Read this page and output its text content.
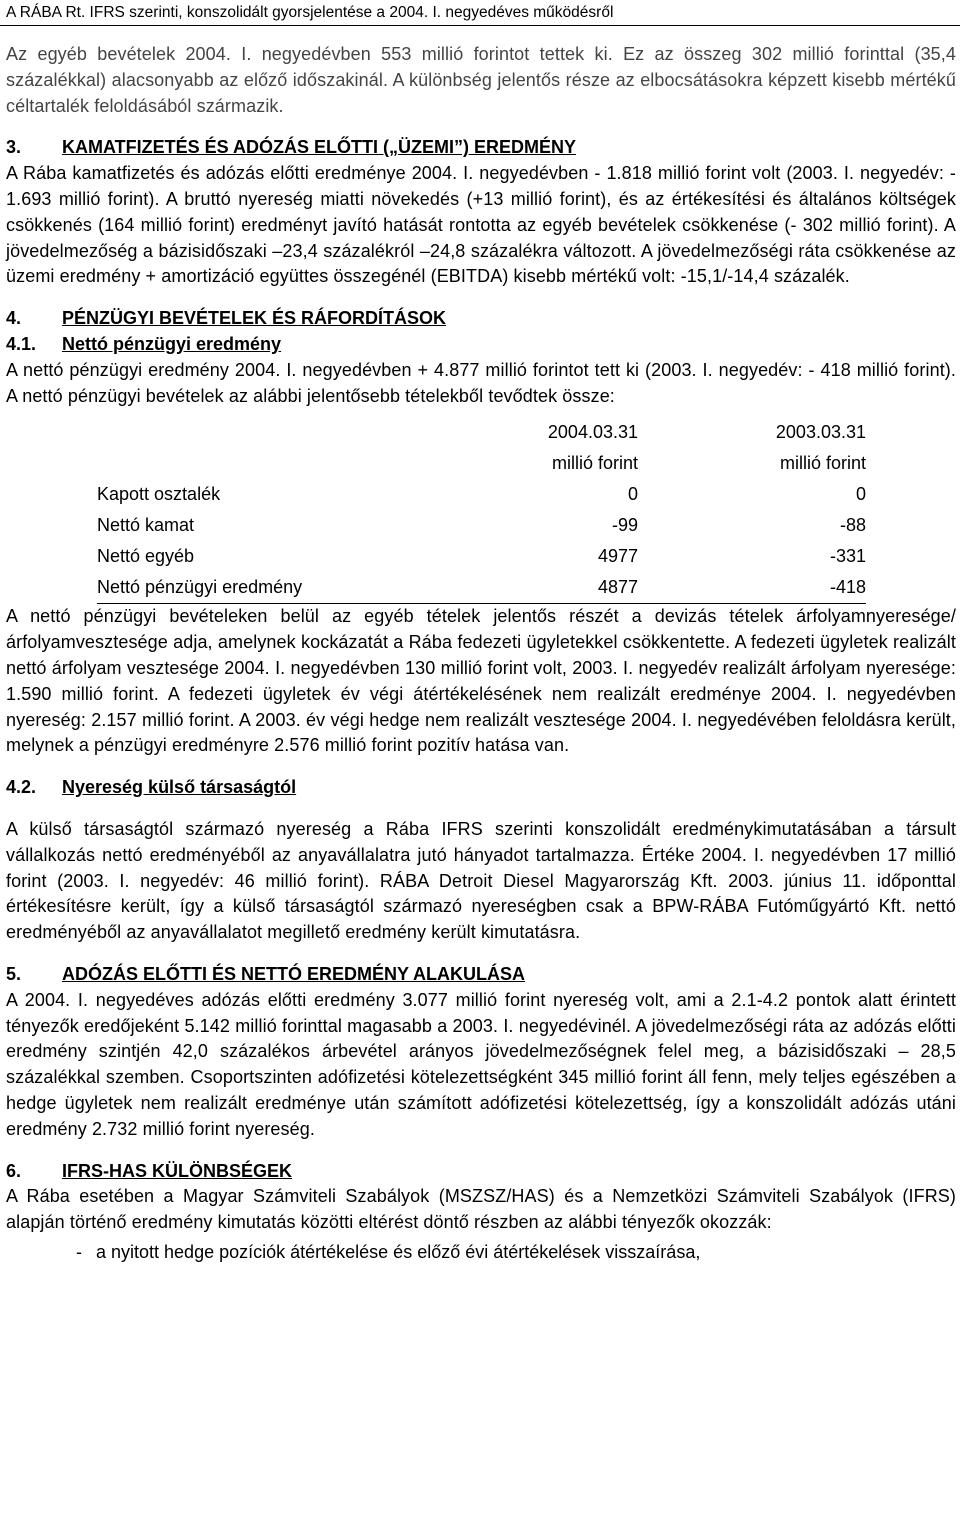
A RÁBA Rt. IFRS szerinti, konszolidált gyorsjelentése a 2004. I. negyedéves működésről

Az egyéb bevételek 2004. I. negyedévben 553 millió forintot tettek ki. Ez az összeg 302 millió forinttal (35,4 százalékkal) alacsonyabb az előző időszakinál. A különbség jelentős része az elbocsátásokra képzett kisebb mértékű céltartalék feloldásából származik.

3. KAMATFIZETÉS ÉS ADÓZÁS ELŐTTI („ÜZEMI”) EREDMÉNY

A Rába kamatfizetés és adózás előtti eredménye 2004. I. negyedévben - 1.818 millió forint volt (2003. I. negyedév: - 1.693 millió forint). A bruttó nyereség miatti növekedés (+13 millió forint), és az értékesítési és általános költségek csökkenés (164 millió forint) eredményt javító hatását rontotta az egyéb bevételek csökkenése (- 302 millió forint). A jövedelmezőség a bázisidőszaki –23,4 százalékról –24,8 százalékra változott. A jövedelmezőségi ráta csökkenése az üzemi eredmény + amortizáció együttes összegénél (EBITDA) kisebb mértékű volt: -15,1/-14,4 százalék.

4. PÉNZÜGYI BEVÉTELEK ÉS RÁFORDÍTÁSOK
4.1. Nettó pénzügyi eredmény

A nettó pénzügyi eredmény 2004. I. negyedévben + 4.877 millió forintot tett ki (2003. I. negyedév: - 418 millió forint). A nettó pénzügyi bevételek az alábbi jelentősebb tételekből tevődtek össze:

	2004.03.31	2003.03.31
	millió forint	millió forint
Kapott osztalék	0	0
Nettó kamat	-99	-88
Nettó egyéb	4977	-331
Nettó pénzügyi eredmény	4877	-418

A nettó pénzügyi bevételeken belül az egyéb tételek jelentős részét a devizás tételek árfolyamnyeresége/árfolyamvesztesége adja, amelynek kockázatát a Rába fedezeti ügyletekkel csökkentette. A fedezeti ügyletek realizált nettó árfolyam vesztesége 2004. I. negyedévben 130 millió forint volt, 2003. I. negyedév realizált árfolyam nyeresége: 1.590 millió forint. A fedezeti ügyletek év végi átértékelésének nem realizált eredménye 2004. I. negyedévben nyereség: 2.157 millió forint. A 2003. év végi hedge nem realizált vesztesége 2004. I. negyedévében feloldásra került, melynek a pénzügyi eredményre 2.576 millió forint pozitív hatása van.

4.2. Nyereség külső társaságtól

A külső társaságtól származó nyereség a Rába IFRS szerinti konszolidált eredménykimutatásában a társult vállalkozás nettó eredményéből az anyavállalatra jutó hányadot tartalmazza. Értéke 2004. I. negyedévben 17 millió forint (2003. I. negyedév: 46 millió forint). RÁBA Detroit Diesel Magyarország Kft. 2003. június 11. időponttal értékesítésre került, így a külső társaságtól származó nyereségben csak a BPW-RÁBA Futóműgyártó Kft. nettó eredményéből az anyavállalatot megillető eredmény került kimutatásra.

5. ADÓZÁS ELŐTTI ÉS NETTÓ EREDMÉNY ALAKULÁSA

A 2004. I. negyedéves adózás előtti eredmény 3.077 millió forint nyereség volt, ami a 2.1-4.2 pontok alatt érintett tényezők eredőjeként 5.142 millió forinttal magasabb a 2003. I. negyedévinél. A jövedelmezőségi ráta az adózás előtti eredmény szintjén 42,0 százalékos árbevétel arányos jövedelmezőségnek felel meg, a bázisidőszaki – 28,5 százalékkal szemben. Csoportszinten adófizetési kötelezettségként 345 millió forint áll fenn, mely teljes egészében a hedge ügyletek nem realizált eredménye után számított adófizetési kötelezettség, így a konszolidált adózás utáni eredmény 2.732 millió forint nyereség.

6. IFRS-HAS KÜLÖNBSÉGEK

A Rába esetében a Magyar Számviteli Szabályok (MSZSZ/HAS) és a Nemzetközi Számviteli Szabályok (IFRS) alapján történő eredmény kimutatás közötti eltérést döntő részben az alábbi tényezők okozzák:

- a nyitott hedge pozíciók átértékelése és előző évi átértékelések visszaírása,
